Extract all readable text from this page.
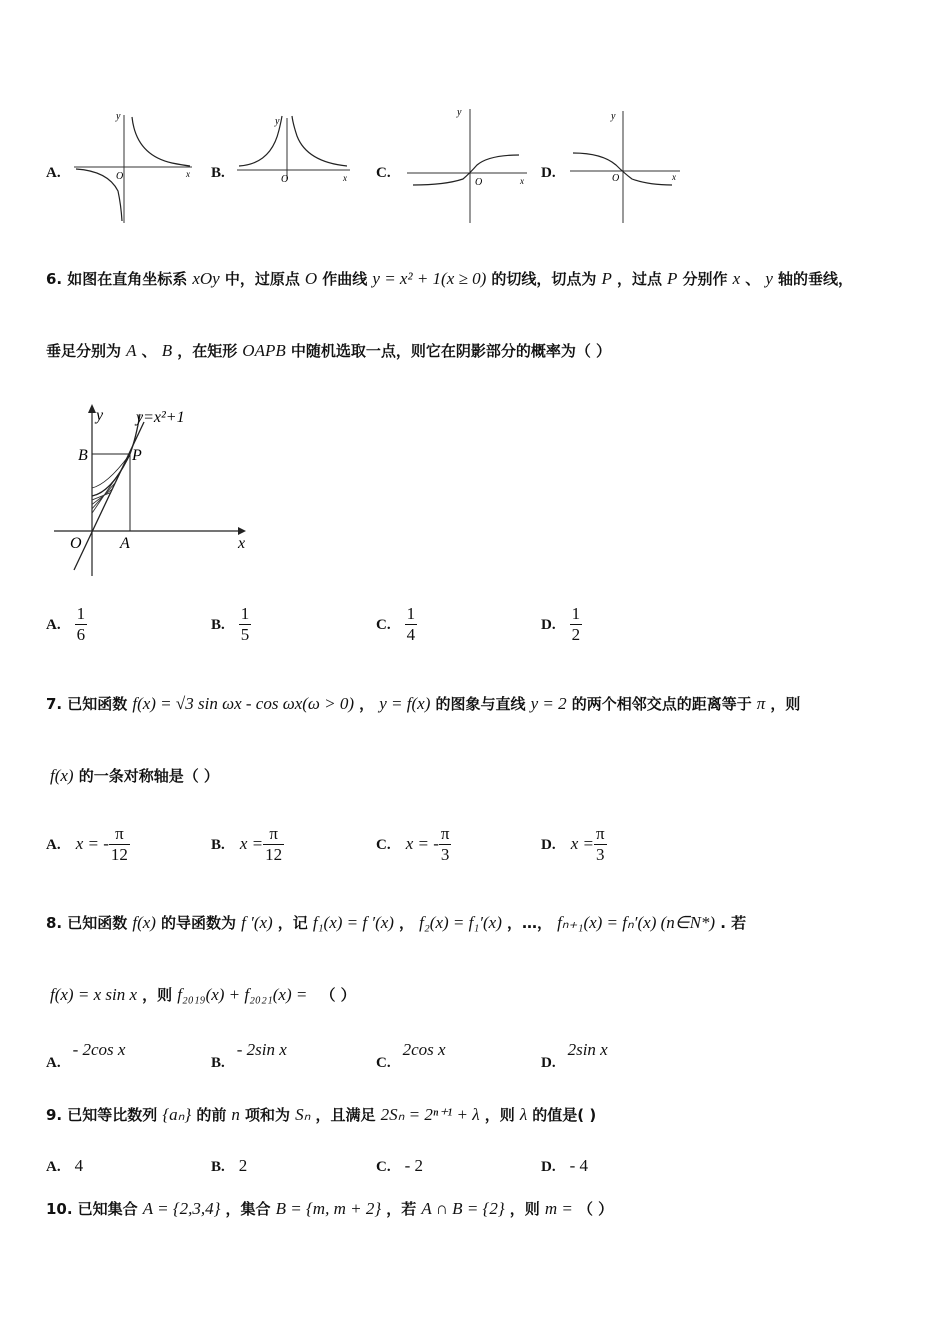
A.
y
O	x B.
y
O	x C.
y
O	x D.
y
O	x
6. 如图在直角坐标系 xOy 中，过原点 O 作曲线 y = x² + 1(x ≥ 0) 的切线，切点为 P ，过点 P 分别作 x 、 y 轴的垂线，
垂足分别为 A 、 B ，在矩形 OAPB 中随机选取一点，则它在阴影部分的概率为（ ）
y y=x²+1
B	P
O A	x
A. $\frac{1}{6}$	B. $\frac{1}{5}$	C. $\frac{1}{4}$	D. $\frac{1}{2}$
7. 已知函数 f(x) = √3 sin ωx - cos ωx(ω > 0) ， y = f(x) 的图象与直线 y = 2 的两个相邻交点的距离等于 π ，则
f(x) 的一条对称轴是（ ）
A. x = - $\frac{\pi}{12}$	B. $x = \frac{\pi}{12}$	C. x = - $\frac{\pi}{3}$	D. $x = \frac{\pi}{3}$
8. 已知函数 f(x) 的导函数为 f ′(x) ，记 f₁(x) = f ′(x) ， f₂(x) = f₁′(x) ，…， fₙ₊₁(x) = fₙ′(x) (n∈N*) . 若
f(x) = x sin x ，则 f₂₀₁₉(x) + f₂₀₂₁(x) = （ ）
A.- 2cos x
B.- 2sin x
C.2cos x
D.2sin x
9. 已知等比数列 {aₙ} 的前 n 项和为 Sₙ ，且满足 2Sₙ = 2ⁿ⁺¹ + λ ，则 λ 的值是( )
A. 4	B. 2	C. - 2	D. - 4
10. 已知集合 A = {2,3,4} ，集合 B = {m, m + 2} ，若 A ∩ B = {2} ，则 m = （ ）
